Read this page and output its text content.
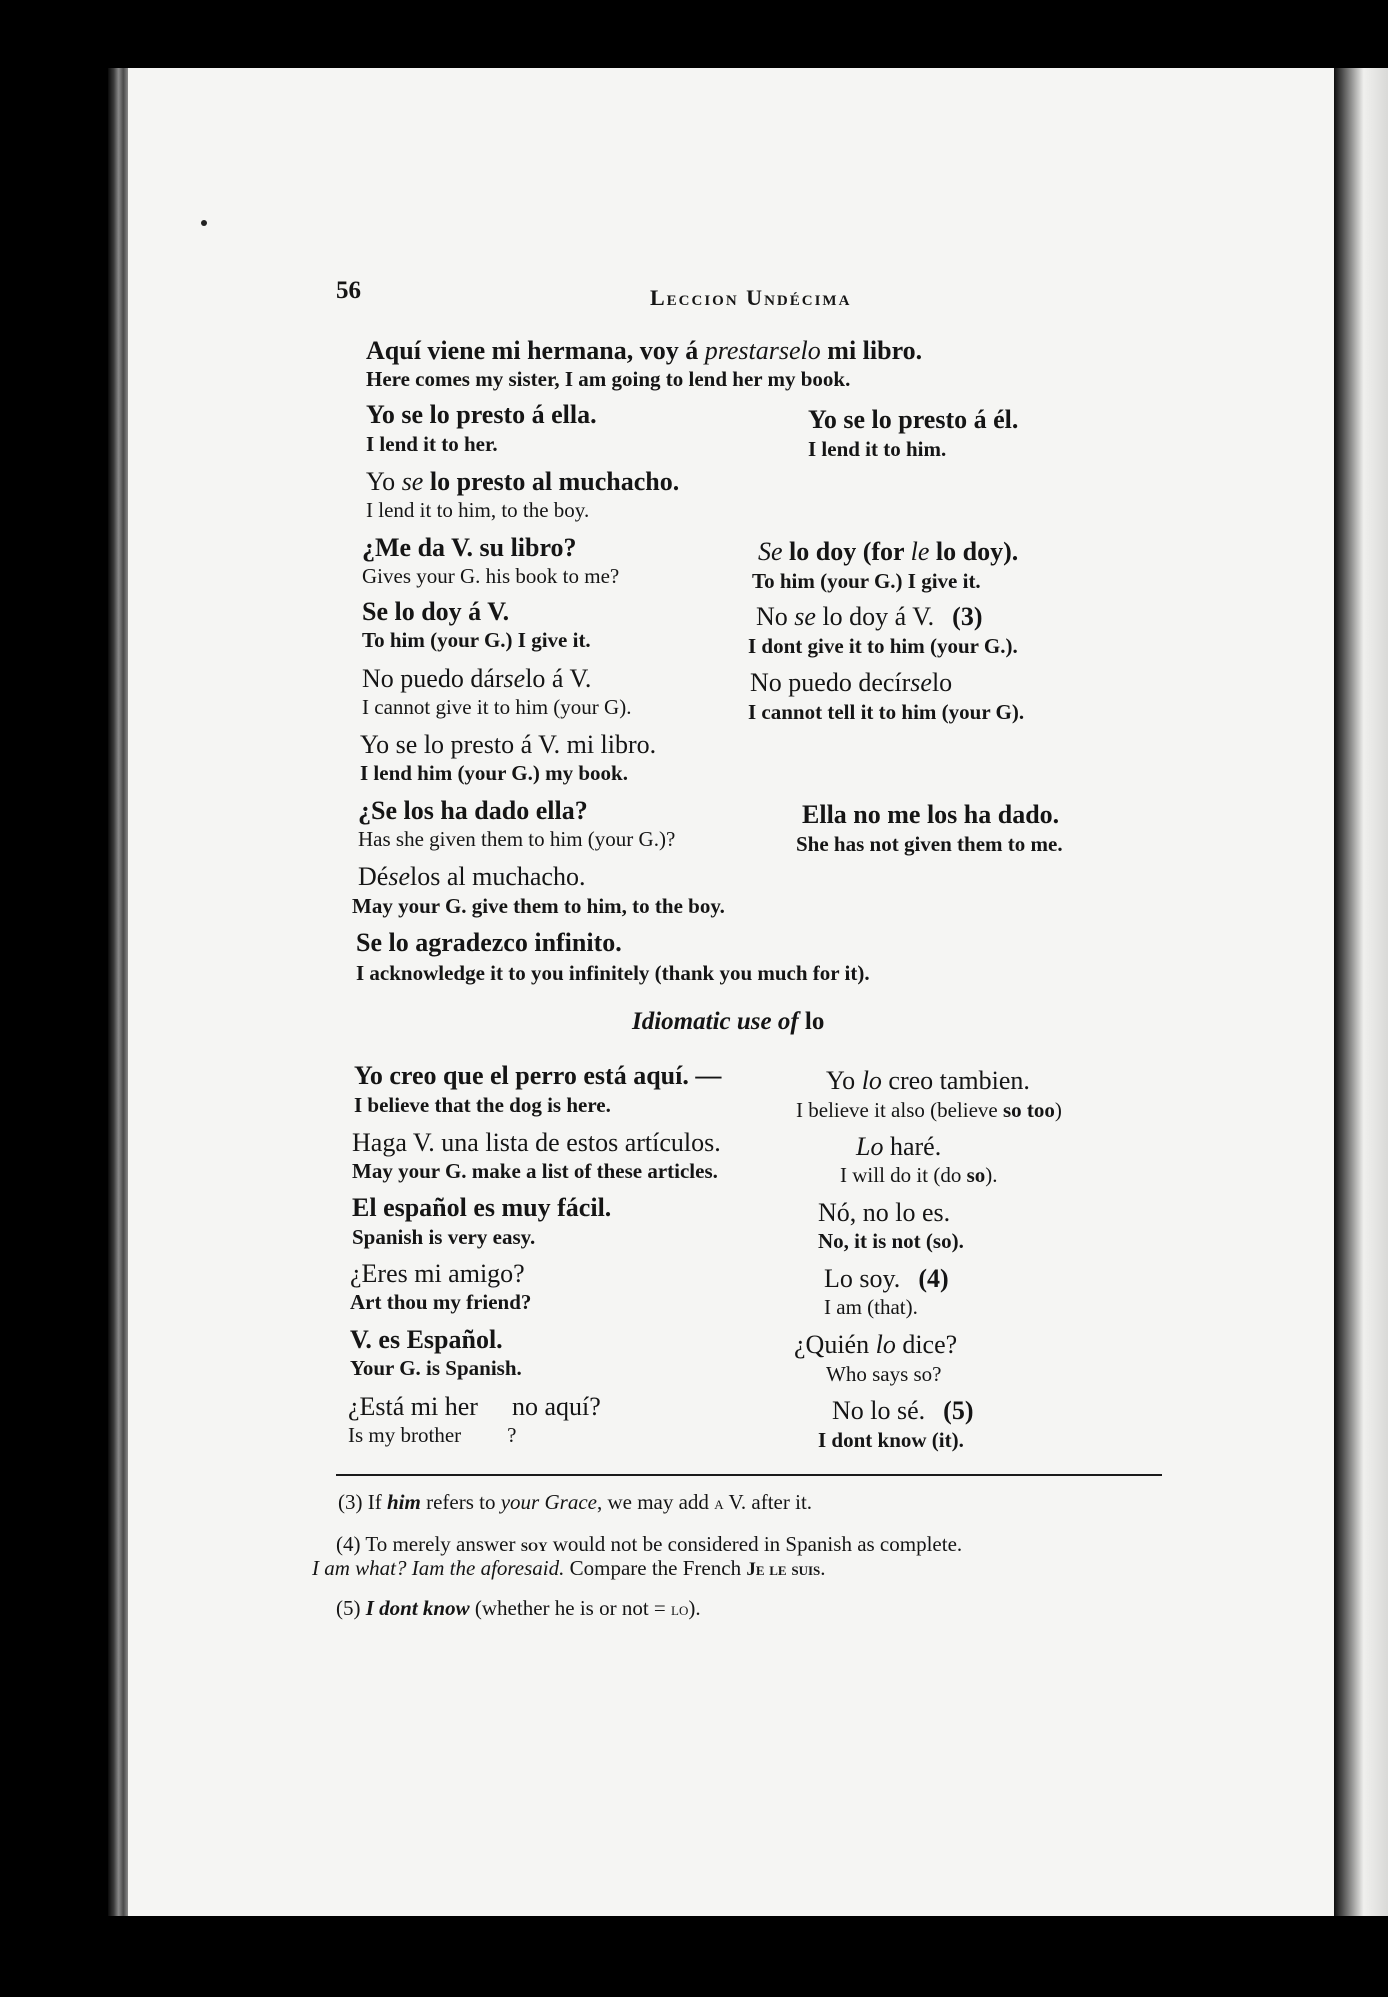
56	Leccion Undécima
Aquí viene mi hermana, voy á prestarselo mi libro.
Here comes my sister, I am going to lend her my book.
Yo se lo presto á ella.
I lend it to her.
Yo se lo presto á él.
I lend it to him.
Yo se lo presto al muchacho.
I lend it to him, to the boy.
¿Me da V. su libro?
Gives your G. his book to me?
Se lo doy (for le lo doy).
To him (your G.) I give it.
Se lo doy á V.
To him (your G.) I give it.
No se lo doy á V. (3)
I dont give it to him (your G.).
No puedo dárselo á V.
I cannot give it to him (your G).
No puedo decírselo
I cannot tell it to him (your G).
Yo se lo presto á V. mi libro.
I lend him (your G.) my book.
¿Se los ha dado ella?
Has she given them to him (your G.)?
Ella no me los ha dado.
She has not given them to me.
Déselos al muchacho.
May your G. give them to him, to the boy.
Se lo agradezco infinito.
I acknowledge it to you infinitely (thank you much for it).
Idiomatic use of lo
Yo creo que el perro está aquí. —
I believe that the dog is here.
Yo lo creo tambien.
I believe it also (believe so too)
Haga V. una lista de estos artículos.
May your G. make a list of these articles.
Lo haré.
I will do it (do so).
El español es muy fácil.
Spanish is very easy.
Nó, no lo es.
No, it is not (so).
¿Eres mi amigo?
Art thou my friend?
Lo soy. (4)
I am (that).
V. es Español.
Your G. is Spanish.
¿Quién lo dice?
Who says so?
¿Está mi her no aquí?
Is my brother ?
No lo sé. (5)
I dont know (it).
(3) If him refers to your Grace, we may add a V. after it.
(4) To merely answer soy would not be considered in Spanish as complete.
I am what? Iam the aforesaid. Compare the French Je le suis.
(5) I dont know (whether he is or not = lo).
